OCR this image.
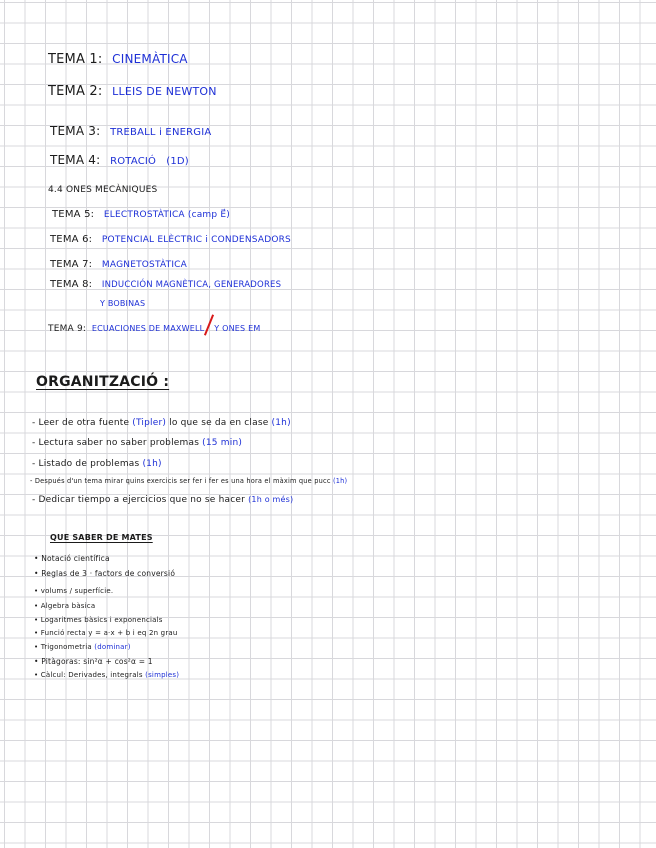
TEMA 1: CINEMÀTICA
TEMA 2: LLEIS DE NEWTON
TEMA 3: TREBALL i ENERGIA
TEMA 4: ROTACIÓ   (1D)
4.4 ONES MECÀNIQUES
TEMA 5: ELECTROSTÀTICA (camp E⃗)
TEMA 6: POTENCIAL ELÈCTRIC i CONDENSADORS
TEMA 7: MAGNETOSTÀTICA
TEMA 8: INDUCCIÓN MAGNÈTICA, GENERADORES
Y BOBINAS
TEMA 9: ECUACIONES DE MAXWELL Y ONES EM
ORGANITZACIÓ :
- Leer de otra fuente (Tipler) lo que se da en clase (1h)
- Lectura saber no saber problemas (15 min)
- Listado de problemas (1h)
- Después d'un tema mirar quins exercicis ser fer i fer es una hora el màxim que pucc (1h)
- Dedicar tiempo a ejercicios que no se hacer (1h o més)
QUE SABER DE MATES
• Notació científica
• Reglas de 3 · factors de conversió
• volums / superfície.
• Algebra bàsica
• Logaritmes bàsics i exponencials
• Funció recta y = a·x + b i eq 2n grau
• Trigonometria (dominar)
• Pitàgoras: sin²α + cos²α = 1
• Càlcul: Derivades, integrals (simples)
